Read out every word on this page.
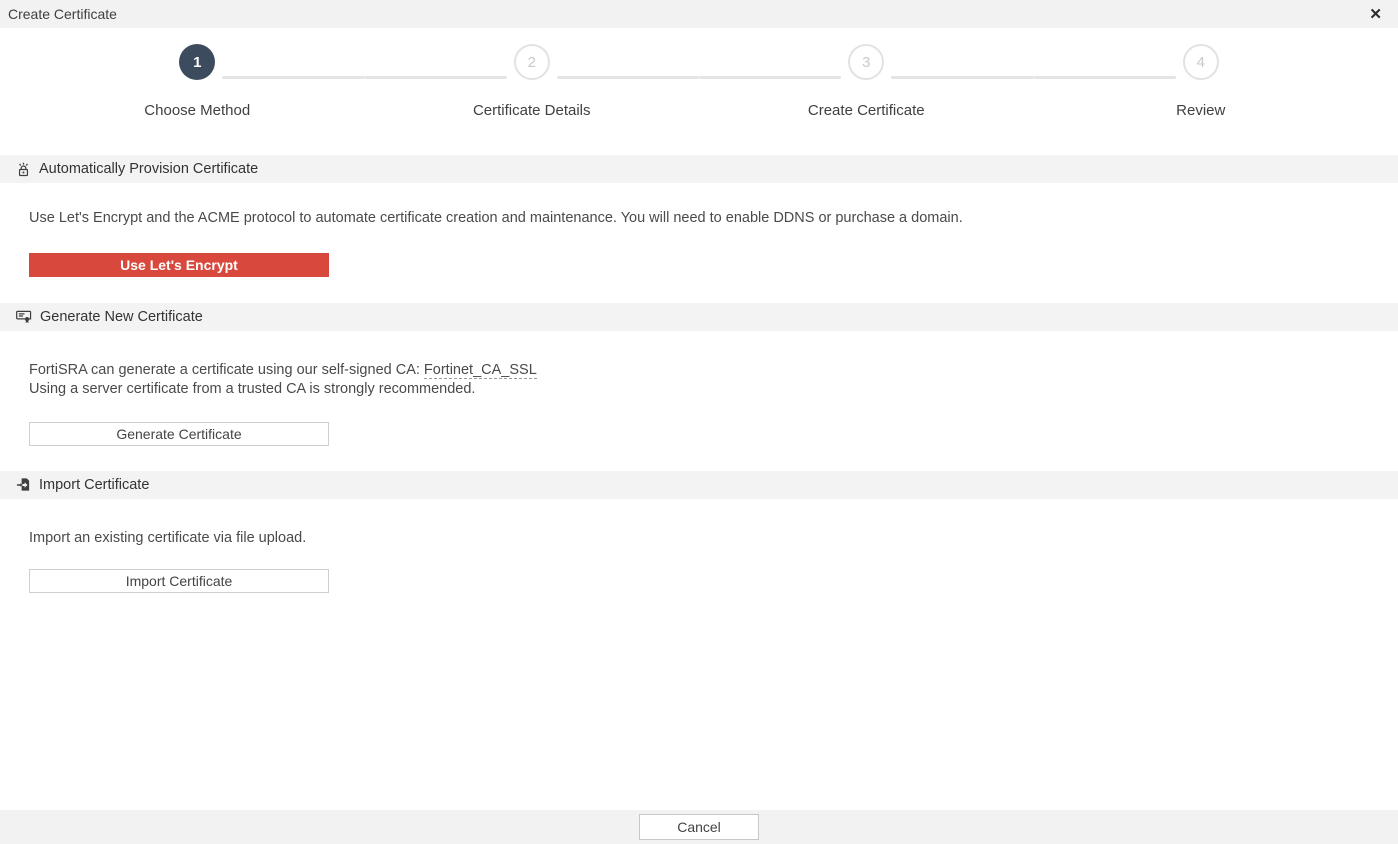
Create Certificate	✕
1
Choose Method
2
Certificate Details
3
Create Certificate
4
Review
Automatically Provision Certificate
Use Let's Encrypt and the ACME protocol to automate certificate creation and maintenance. You will need to enable DDNS or purchase a domain.
Use Let's Encrypt
Generate New Certificate
FortiSRA can generate a certificate using our self-signed CA: Fortinet_CA_SSL
Using a server certificate from a trusted CA is strongly recommended.
Generate Certificate
Import Certificate
Import an existing certificate via file upload.
Import Certificate
Cancel
